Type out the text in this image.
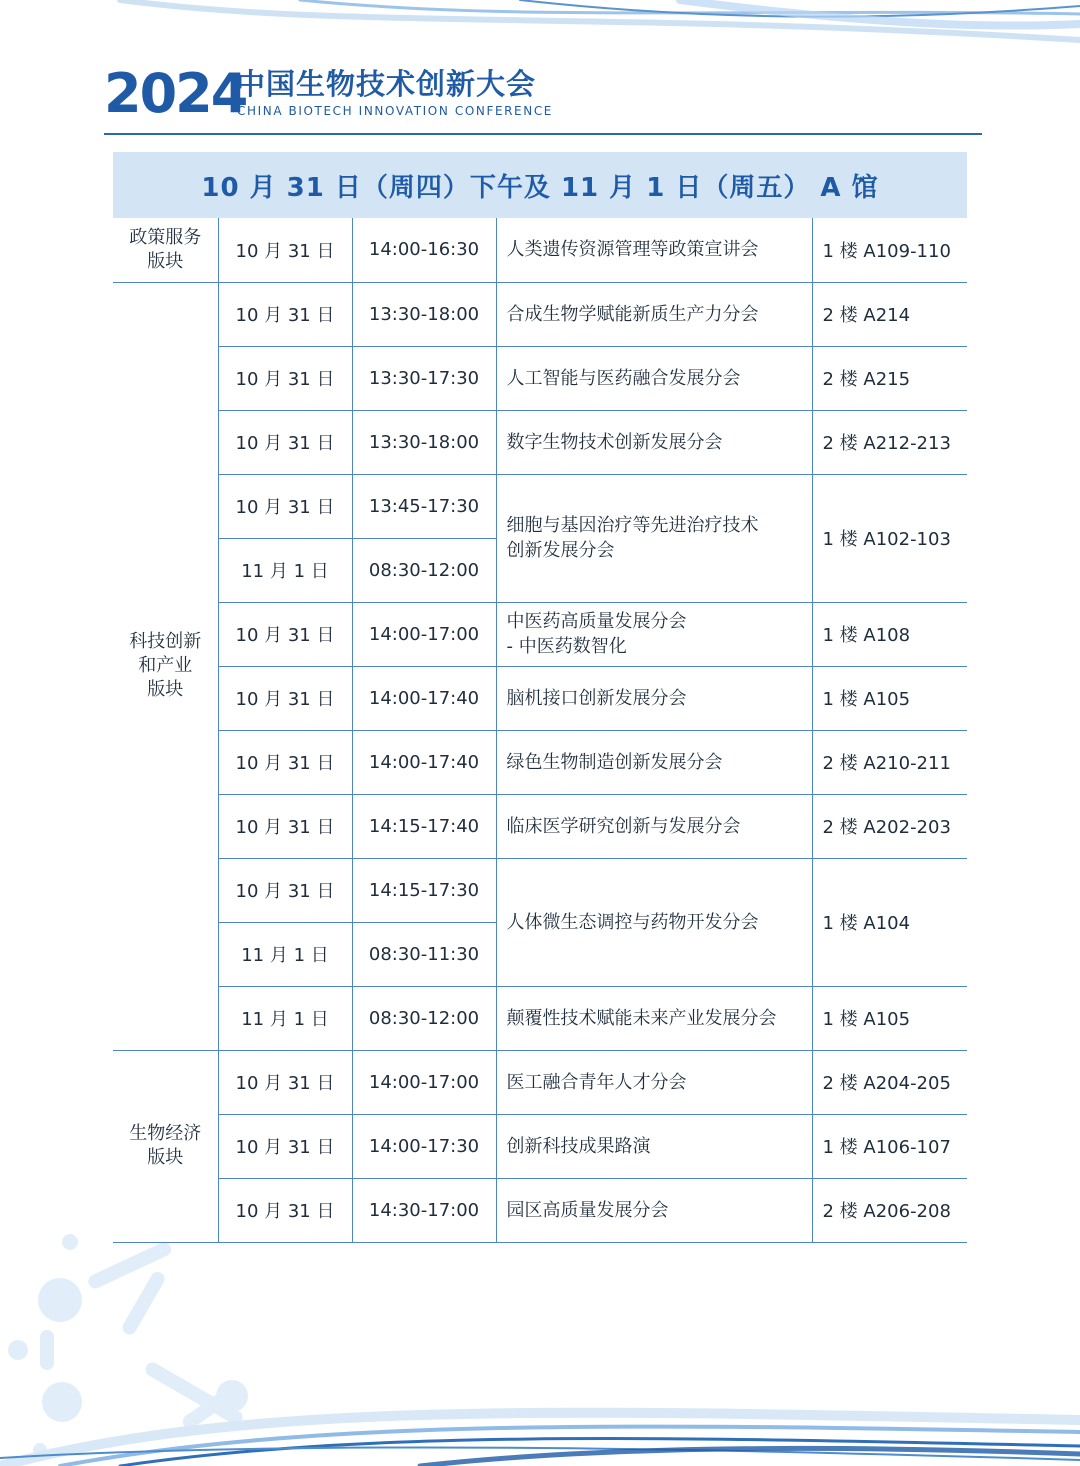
2024
中国生物技术创新大会
CHINA BIOTECH INNOVATION CONFERENCE
10 月 31 日（周四）下午及 11 月 1 日（周五） A 馆
政策服务
版块	10 月 31 日	14:00-16:30	人类遗传资源管理等政策宣讲会	1 楼 A109-110
科技创新
和产业
版块	10 月 31 日	13:30-18:00	合成生物学赋能新质生产力分会	2 楼 A214
	10 月 31 日	13:30-17:30	人工智能与医药融合发展分会	2 楼 A215
	10 月 31 日	13:30-18:00	数字生物技术创新发展分会	2 楼 A212-213
	10 月 31 日	13:45-17:30	细胞与基因治疗等先进治疗技术
创新发展分会	1 楼 A102-103
	11 月 1 日	08:30-12:00		
	10 月 31 日	14:00-17:00	中医药高质量发展分会
- 中医药数智化	1 楼 A108
	10 月 31 日	14:00-17:40	脑机接口创新发展分会	1 楼 A105
	10 月 31 日	14:00-17:40	绿色生物制造创新发展分会	2 楼 A210-211
	10 月 31 日	14:15-17:40	临床医学研究创新与发展分会	2 楼 A202-203
	10 月 31 日	14:15-17:30	人体微生态调控与药物开发分会	1 楼 A104
	11 月 1 日	08:30-11:30		
	11 月 1 日	08:30-12:00	颠覆性技术赋能未来产业发展分会	1 楼 A105
生物经济
版块	10 月 31 日	14:00-17:00	医工融合青年人才分会	2 楼 A204-205
	10 月 31 日	14:00-17:30	创新科技成果路演	1 楼 A106-107
	10 月 31 日	14:30-17:00	园区高质量发展分会	2 楼 A206-208
